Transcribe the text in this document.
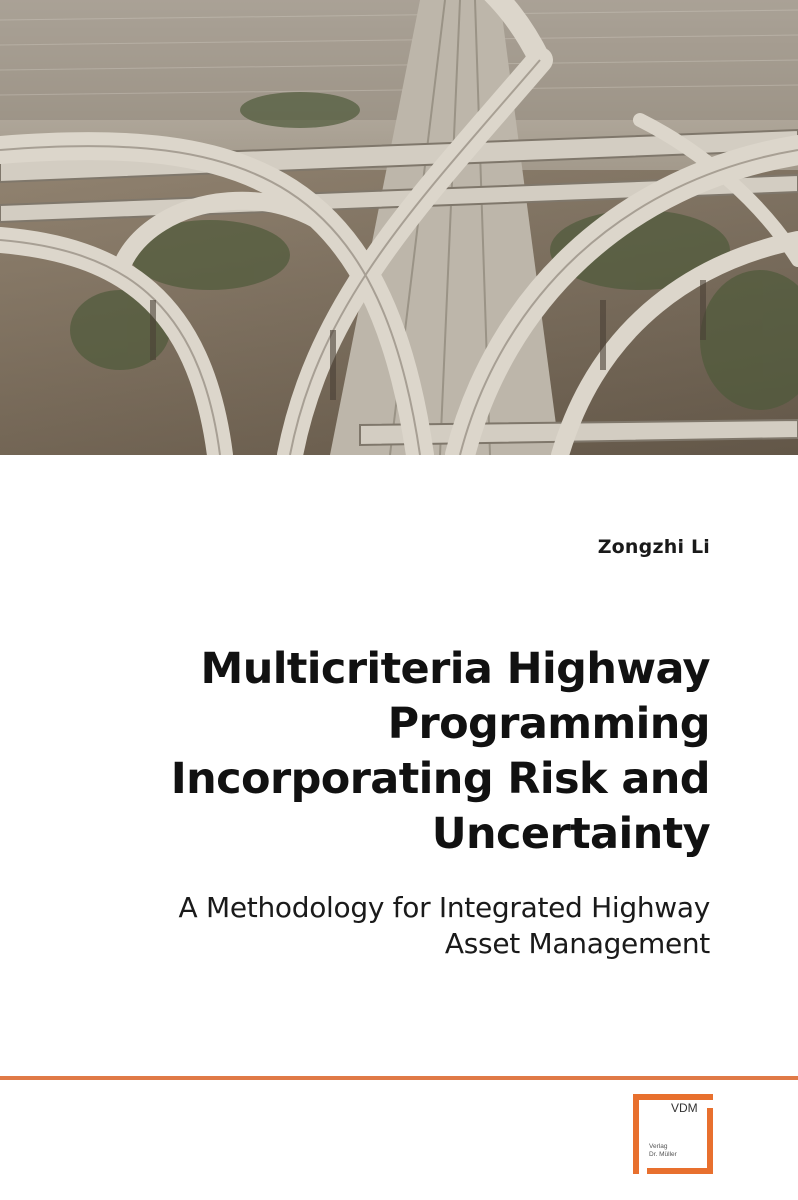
Zongzhi Li
Multicriteria Highway
Programming
Incorporating Risk and
Uncertainty
A Methodology for Integrated Highway
Asset Management
VDM
Verlag
Dr. Müller
